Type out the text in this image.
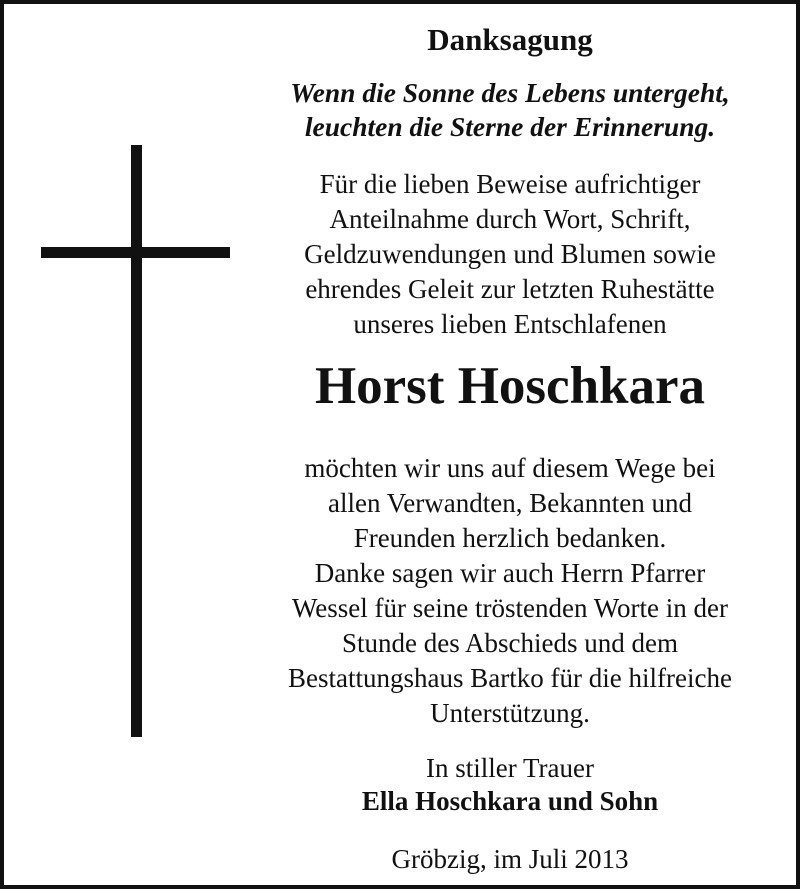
Danksagung
Wenn die Sonne des Lebens untergeht,
leuchten die Sterne der Erinnerung.
Für die lieben Beweise aufrichtiger
Anteilnahme durch Wort, Schrift,
Geldzuwendungen und Blumen sowie
ehrendes Geleit zur letzten Ruhestätte
unseres lieben Entschlafenen
Horst Hoschkara
möchten wir uns auf diesem Wege bei
allen Verwandten, Bekannten und
Freunden herzlich bedanken.
Danke sagen wir auch Herrn Pfarrer
Wessel für seine tröstenden Worte in der
Stunde des Abschieds und dem
Bestattungshaus Bartko für die hilfreiche
Unterstützung.
In stiller Trauer
Ella Hoschkara und Sohn
Gröbzig, im Juli 2013
